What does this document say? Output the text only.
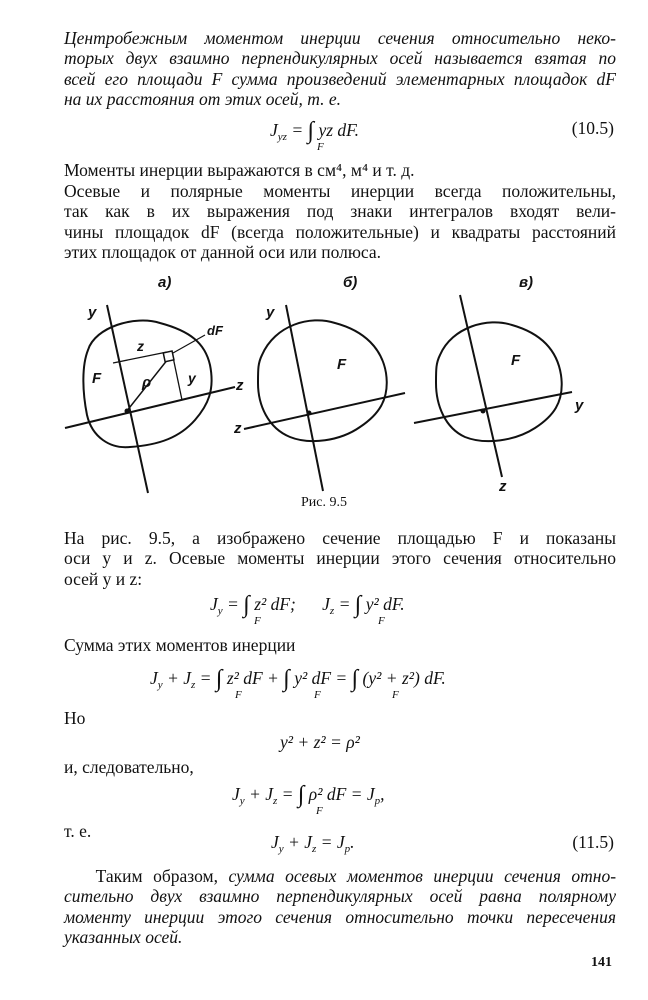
Центробежным моментом инерции сечения относительно неко-
торых двух взаимно перпендикулярных осей называется взятая по
всей его площади F сумма произведений элементарных площадок dF
на их расстояния от этих осей, т. е.
$J_{yz}$ = ∫ yz dF.
F
(10.5)
Моменты инерции выражаются в см⁴, м⁴ и т. д.
Осевые и полярные моменты инерции всегда положительны,
так как в их выражения под знаки интегралов входят вели-
чины площадок dF (всегда положительные) и квадраты расстояний
этих площадок от данной оси или полюса.
а)
y
z
F
dF
z
y
ρ
б)
y
z
F
в)
y
z
F
Рис. 9.5
На рис. 9.5, а изображено сечение площадью F и показаны
оси y и z. Осевые моменты инерции этого сечения относительно
осей y и z:
$J_y$ = ∫ z² dF; $J_z$ = ∫ y² dF.
F	F
Сумма этих моментов инерции
$J_y + J_z$ = ∫ z² dF + ∫ y² dF = ∫ (y² + z²) dF.
F	F	F
Но
y² + z² = ρ²
и, следовательно,
$J_y + J_z$ = ∫ ρ² dF = $J_p$,
F
т. е.
$J_y + J_z = J_p$.	(11.5)
Таким образом, сумма осевых моментов инерции сечения отно-
сительно двух взаимно перпендикулярных осей равна полярному
моменту инерции этого сечения относительно точки пересечения
указанных осей.
141
